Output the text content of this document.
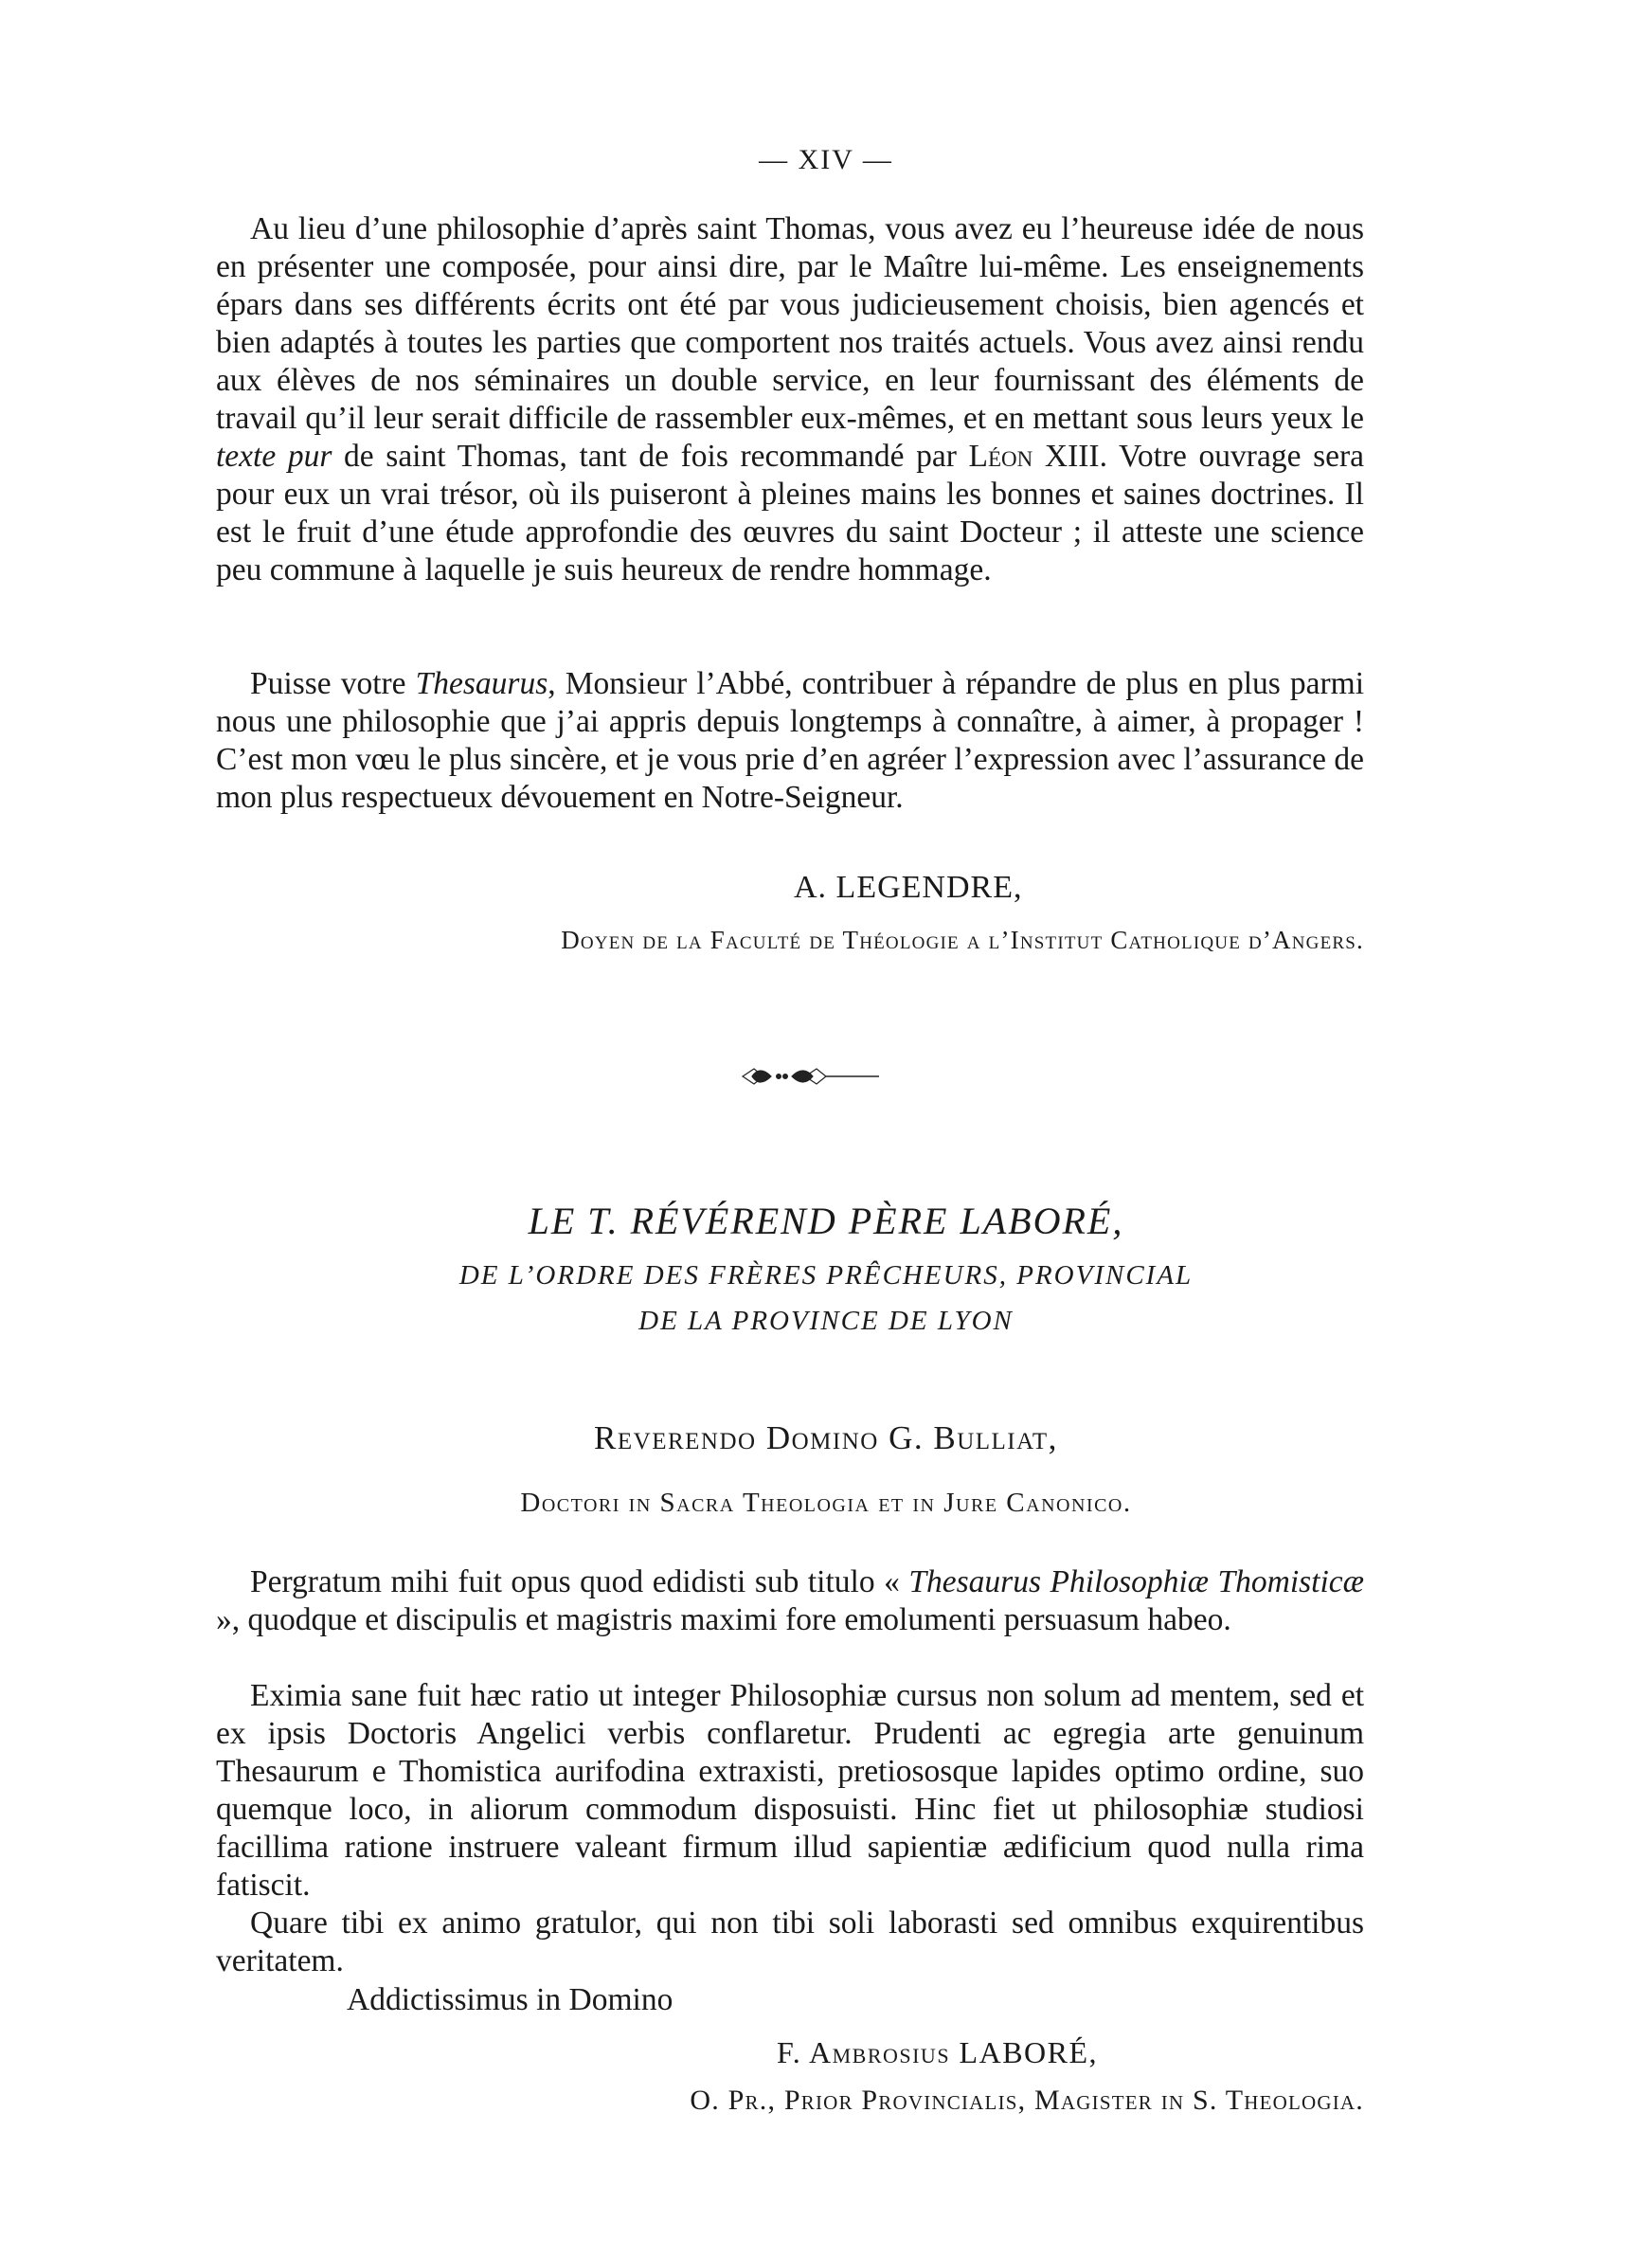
— XIV —

Au lieu d’une philosophie d’après saint Thomas, vous avez eu l’heureuse idée de nous en présenter une composée, pour ainsi dire, par le Maître lui-même. Les enseignements épars dans ses différents écrits ont été par vous judicieusement choisis, bien agencés et bien adaptés à toutes les parties que comportent nos traités actuels. Vous avez ainsi rendu aux élèves de nos séminaires un double service, en leur fournissant des éléments de travail qu’il leur serait difficile de rassembler eux-mêmes, et en mettant sous leurs yeux le texte pur de saint Thomas, tant de fois recommandé par Léon XIII. Votre ouvrage sera pour eux un vrai trésor, où ils puiseront à pleines mains les bonnes et saines doctrines. Il est le fruit d’une étude approfondie des œuvres du saint Docteur ; il atteste une science peu commune à laquelle je suis heureux de rendre hommage.

Puisse votre Thesaurus, Monsieur l’Abbé, contribuer à répandre de plus en plus parmi nous une philosophie que j’ai appris depuis longtemps à connaître, à aimer, à propager ! C’est mon vœu le plus sincère, et je vous prie d’en agréer l’expression avec l’assurance de mon plus respectueux dévouement en Notre-Seigneur.

A. LEGENDRE,
Doyen de la Faculté de Théologie a l’Institut Catholique d’Angers.
LE T. RÉVÉREND PÈRE LABORÉ,
DE L’ORDRE DES FRÈRES PRÊCHEURS, PROVINCIAL
DE LA PROVINCE DE LYON
Reverendo Domino G. Bulliat,
Doctori in Sacra Theologia et in Jure Canonico.

Pergratum mihi fuit opus quod edidisti sub titulo « Thesaurus Philosophiæ Thomisticæ », quodque et discipulis et magistris maximi fore emolumenti persuasum habeo.

Eximia sane fuit hæc ratio ut integer Philosophiæ cursus non solum ad mentem, sed et ex ipsis Doctoris Angelici verbis conflaretur. Prudenti ac egregia arte genuinum Thesaurum e Thomistica aurifodina extraxisti, pretiososque lapides optimo ordine, suo quemque loco, in aliorum commodum disposuisti. Hinc fiet ut philosophiæ studiosi facillima ratione instruere valeant firmum illud sapientiæ ædificium quod nulla rima fatiscit.

Quare tibi ex animo gratulor, qui non tibi soli laborasti sed omnibus exquirentibus veritatem.

Addictissimus in Domino
F. Ambrosius LABORÉ,
O. Pr., Prior Provincialis, Magister in S. Theologia.
